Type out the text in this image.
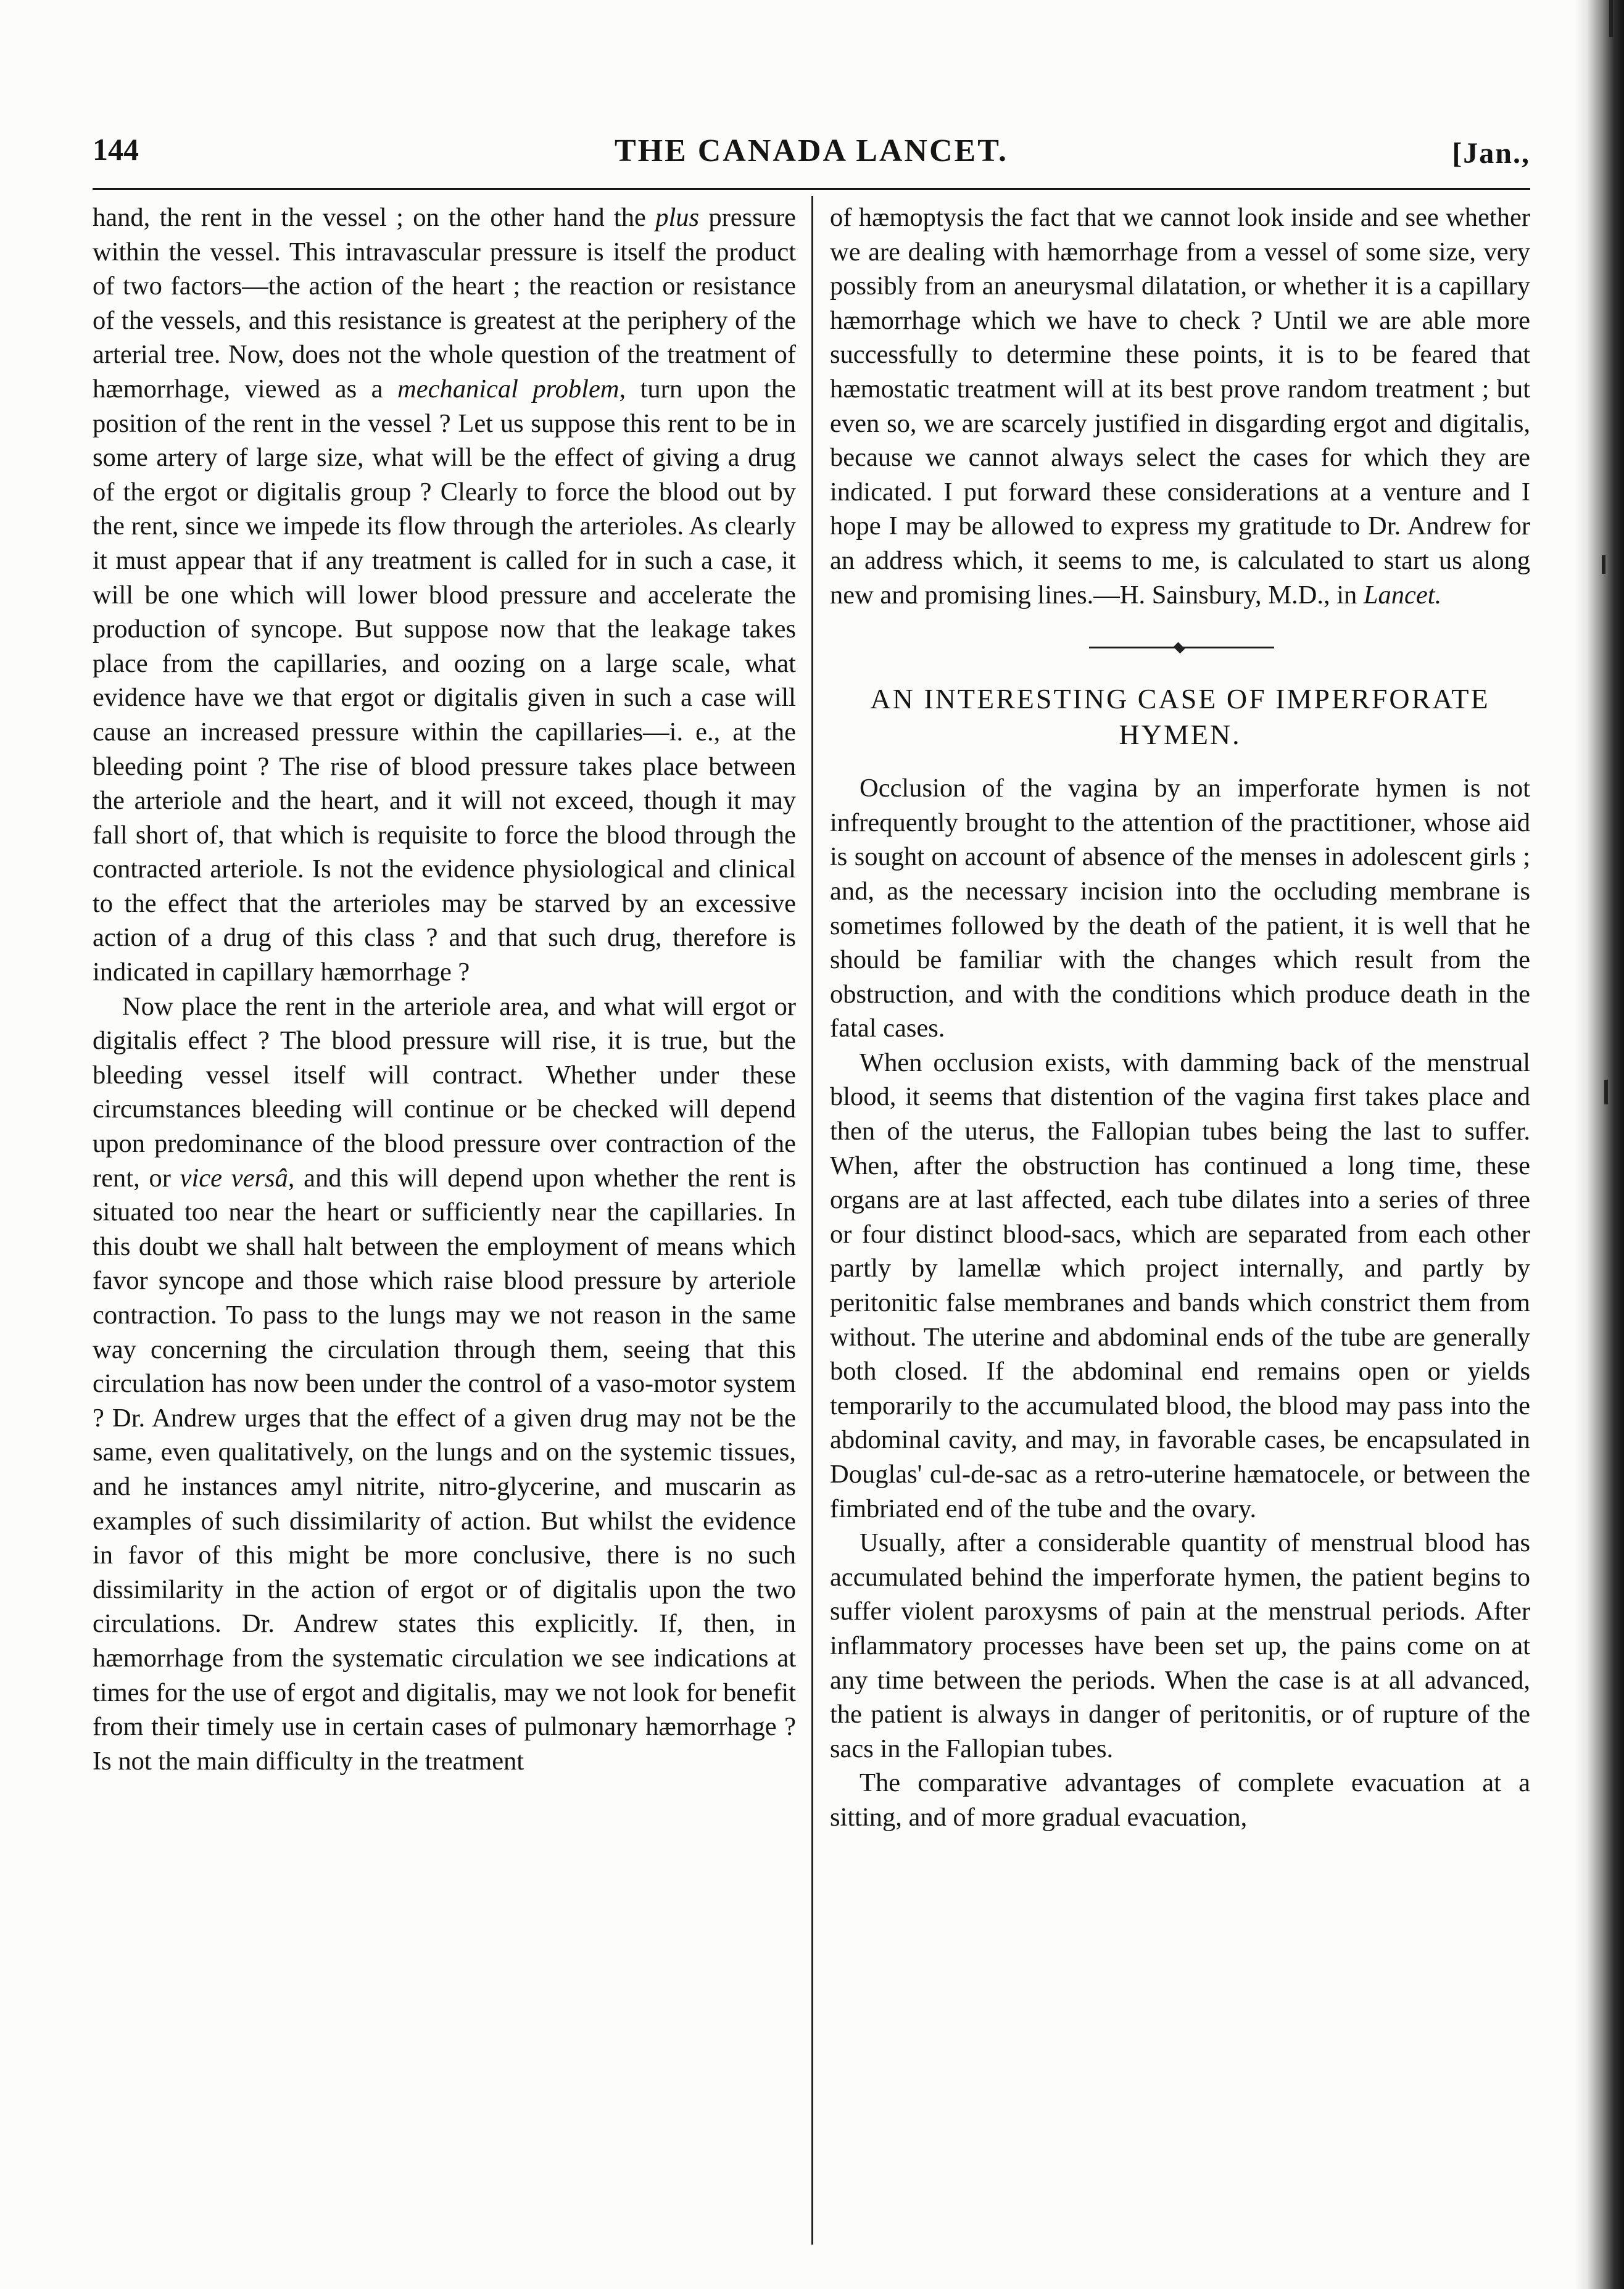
144	THE CANADA LANCET.	[Jan.,

hand, the rent in the vessel ; on the other hand the plus pressure within the vessel. This intravascular pressure is itself the product of two factors—the action of the heart ; the reaction or resistance of the vessels, and this resistance is greatest at the periphery of the arterial tree. Now, does not the whole question of the treatment of hæmorrhage, viewed as a mechanical problem, turn upon the position of the rent in the vessel ? Let us suppose this rent to be in some artery of large size, what will be the effect of giving a drug of the ergot or digitalis group ? Clearly to force the blood out by the rent, since we impede its flow through the arterioles. As clearly it must appear that if any treatment is called for in such a case, it will be one which will lower blood pressure and accelerate the production of syncope. But suppose now that the leakage takes place from the capillaries, and oozing on a large scale, what evidence have we that ergot or digitalis given in such a case will cause an increased pressure within the capillaries—i. e., at the bleeding point ? The rise of blood pressure takes place between the arteriole and the heart, and it will not exceed, though it may fall short of, that which is requisite to force the blood through the contracted arteriole. Is not the evidence physiological and clinical to the effect that the arterioles may be starved by an excessive action of a drug of this class ? and that such drug, therefore is indicated in capillary hæmorrhage ?

Now place the rent in the arteriole area, and what will ergot or digitalis effect ? The blood pressure will rise, it is true, but the bleeding vessel itself will contract. Whether under these circumstances bleeding will continue or be checked will depend upon predominance of the blood pressure over contraction of the rent, or vice versâ, and this will depend upon whether the rent is situated too near the heart or sufficiently near the capillaries. In this doubt we shall halt between the employment of means which favor syncope and those which raise blood pressure by arteriole contraction. To pass to the lungs may we not reason in the same way concerning the circulation through them, seeing that this circulation has now been under the control of a vaso-motor system ? Dr. Andrew urges that the effect of a given drug may not be the same, even qualitatively, on the lungs and on the systemic tissues, and he instances amyl nitrite, nitro-glycerine, and muscarin as examples of such dissimilarity of action. But whilst the evidence in favor of this might be more conclusive, there is no such dissimilarity in the action of ergot or of digitalis upon the two circulations. Dr. Andrew states this explicitly. If, then, in hæmorrhage from the systematic circulation we see indications at times for the use of ergot and digitalis, may we not look for benefit from their timely use in certain cases of pulmonary hæmorrhage ? Is not the main difficulty in the treatment

of hæmoptysis the fact that we cannot look inside and see whether we are dealing with hæmorrhage from a vessel of some size, very possibly from an aneurysmal dilatation, or whether it is a capillary hæmorrhage which we have to check ? Until we are able more successfully to determine these points, it is to be feared that hæmostatic treatment will at its best prove random treatment ; but even so, we are scarcely justified in disgarding ergot and digitalis, because we cannot always select the cases for which they are indicated. I put forward these considerations at a venture and I hope I may be allowed to express my gratitude to Dr. Andrew for an address which, it seems to me, is calculated to start us along new and promising lines.—H. Sainsbury, M.D., in Lancet.

AN INTERESTING CASE OF IMPERFORATE HYMEN.

Occlusion of the vagina by an imperforate hymen is not infrequently brought to the attention of the practitioner, whose aid is sought on account of absence of the menses in adolescent girls ; and, as the necessary incision into the occluding membrane is sometimes followed by the death of the patient, it is well that he should be familiar with the changes which result from the obstruction, and with the conditions which produce death in the fatal cases.

When occlusion exists, with damming back of the menstrual blood, it seems that distention of the vagina first takes place and then of the uterus, the Fallopian tubes being the last to suffer. When, after the obstruction has continued a long time, these organs are at last affected, each tube dilates into a series of three or four distinct blood-sacs, which are separated from each other partly by lamellæ which project internally, and partly by peritonitic false membranes and bands which constrict them from without. The uterine and abdominal ends of the tube are generally both closed. If the abdominal end remains open or yields temporarily to the accumulated blood, the blood may pass into the abdominal cavity, and may, in favorable cases, be encapsulated in Douglas' cul-de-sac as a retro-uterine hæmatocele, or between the fimbriated end of the tube and the ovary.

Usually, after a considerable quantity of menstrual blood has accumulated behind the imperforate hymen, the patient begins to suffer violent paroxysms of pain at the menstrual periods. After inflammatory processes have been set up, the pains come on at any time between the periods. When the case is at all advanced, the patient is always in danger of peritonitis, or of rupture of the sacs in the Fallopian tubes.

The comparative advantages of complete evacuation at a sitting, and of more gradual evacuation,
